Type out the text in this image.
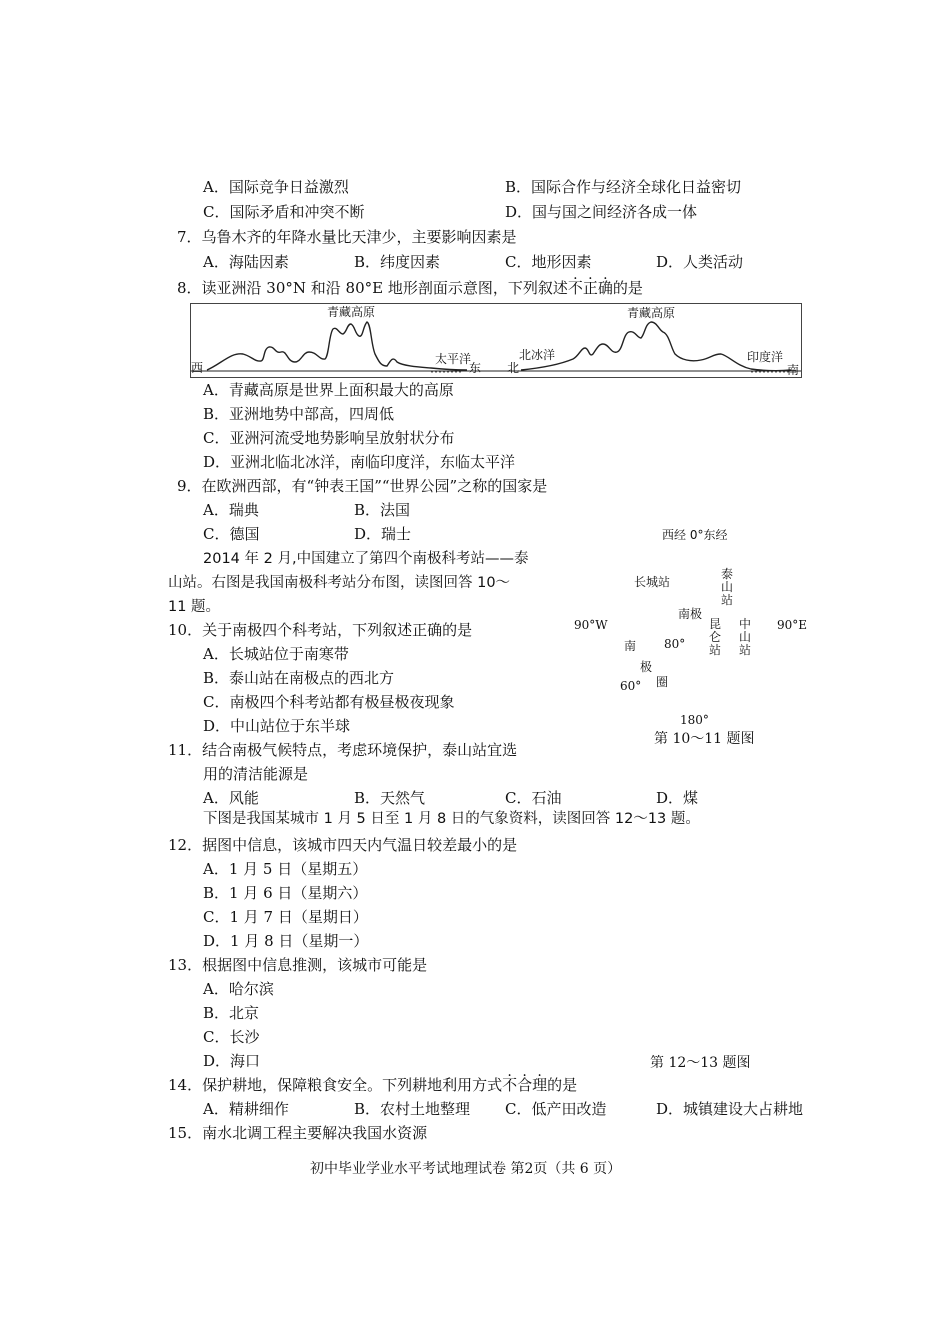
A．国际竞争日益激烈	B．国际合作与经济全球化日益密切
C．国际矛盾和冲突不断	D．国与国之间经济各成一体
7．乌鲁木齐的年降水量比天津少，主要影响因素是
A．海陆因素	B．纬度因素	C．地形因素	D．人类活动
8．读亚洲沿 30°N 和沿 80°E 地形剖面示意图，下列叙述不正确的是
青藏高原	青藏高原
西
太平洋
东 北
北冰洋	印度洋
南
A．青藏高原是世界上面积最大的高原
B．亚洲地势中部高，四周低
C．亚洲河流受地势影响呈放射状分布
D．亚洲北临北冰洋，南临印度洋，东临太平洋
9．在欧洲西部，有“钟表王国”“世界公园”之称的国家是
A．瑞典	B．法国
C．德国	D．瑞士
2014 年 2 月,中国建立了第四个南极科考站——泰
山站。右图是我国南极科考站分布图，读图回答 10～
11 题。
10．关于南极四个科考站，下列叙述正确的是
A．长城站位于南寒带
B．泰山站在南极点的西北方
C．南极四个科考站都有极昼极夜现象
D．中山站位于东半球
11．结合南极气候特点，考虑环境保护，泰山站宜选
用的清洁能源是
A．风能	B．天然气	C．石油	D．煤
西经 0°东经
长城站
泰山站
南极
昆仑站
中山站
90°W	90°E
南 80°
极
60° 圈
180°
第 10～11 题图
下图是我国某城市 1 月 5 日至 1 月 8 日的气象资料，读图回答 12～13 题。
12．据图中信息，该城市四天内气温日较差最小的是
A．1 月 5 日（星期五）
B．1 月 6 日（星期六）
C．1 月 7 日（星期日）
D．1 月 8 日（星期一）
13．根据图中信息推测，该城市可能是
A．哈尔滨
B．北京
C．长沙
D．海口	第 12〜13 题图
14．保护耕地，保障粮食安全。下列耕地利用方式不合理的是
A．精耕细作	B．农村土地整理 C．低产田改造	D．城镇建设大占耕地
15．南水北调工程主要解决我国水资源
初中毕业学业水平考试地理试卷 第2页（共 6 页）
